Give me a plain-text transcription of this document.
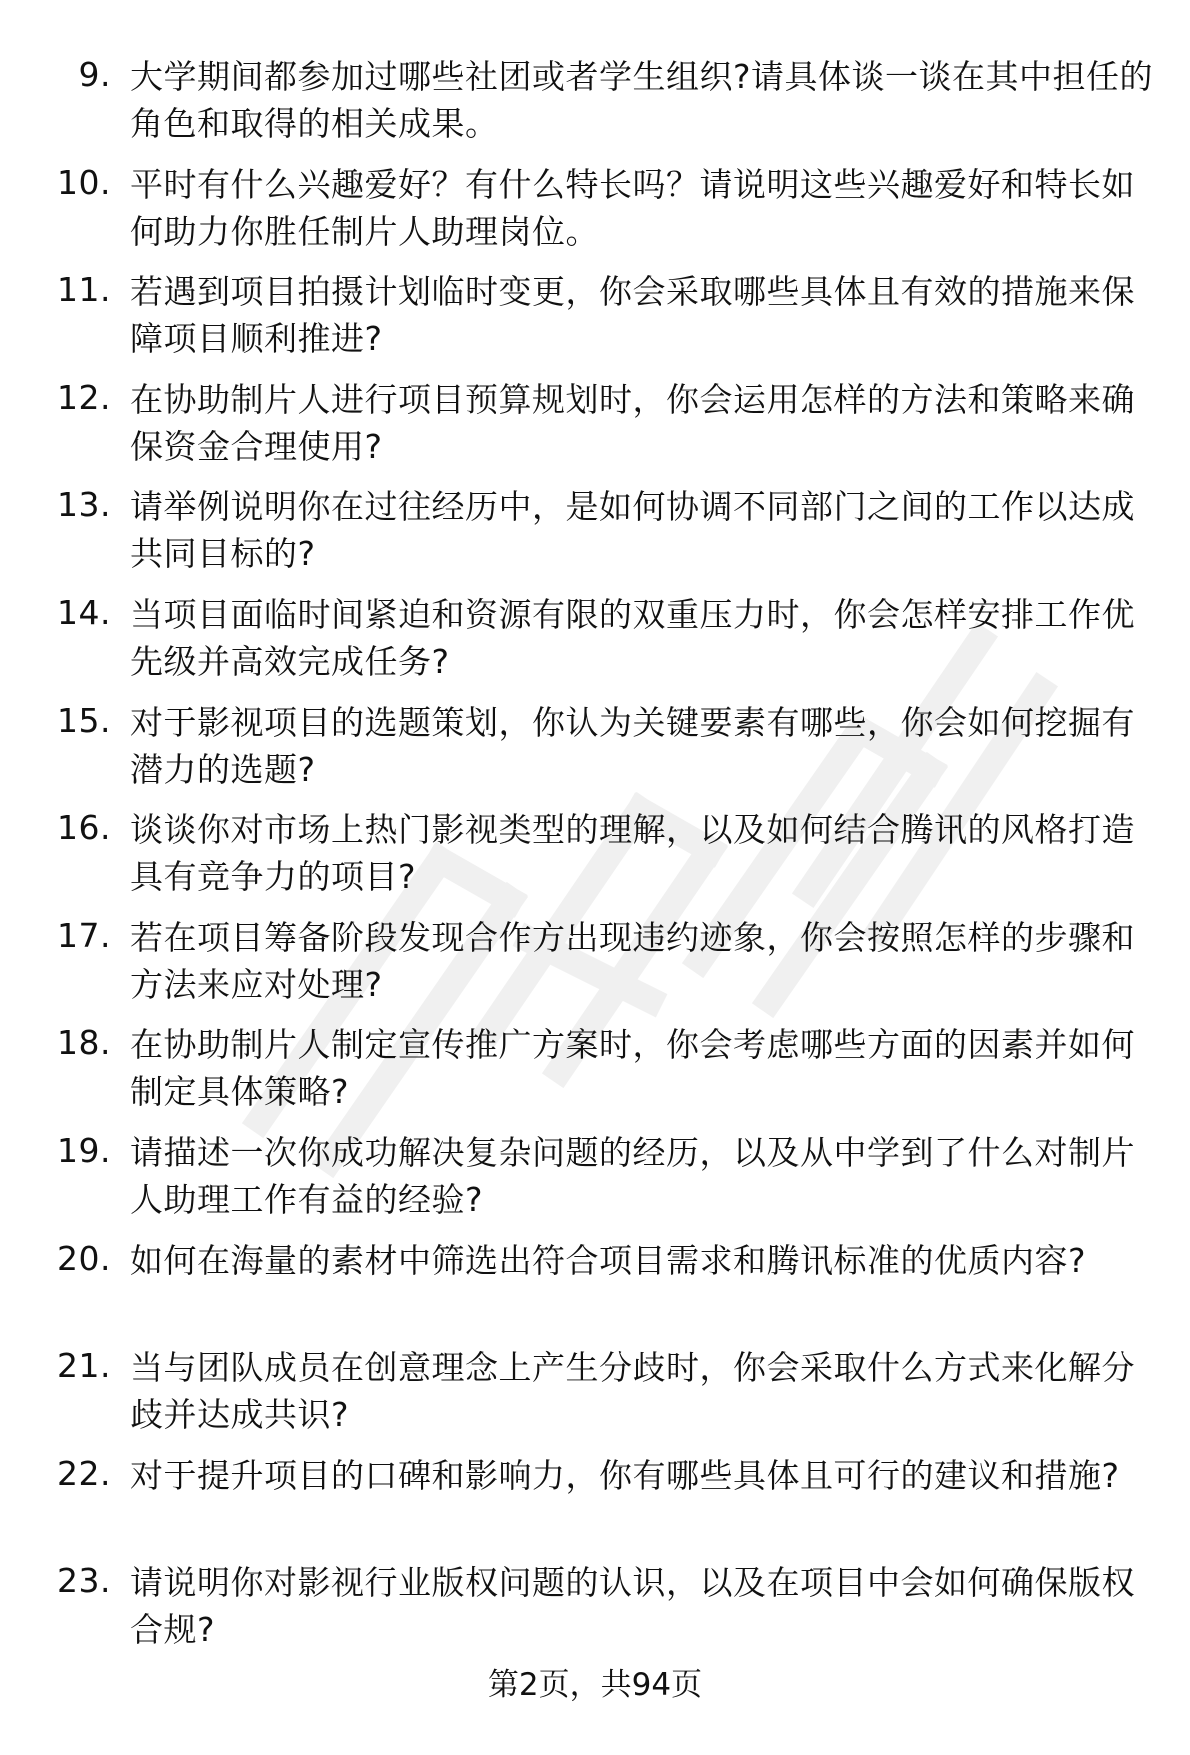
9. 大学期间都参加过哪些社团或者学生组织?请具体谈一谈在其中担任的角色和取得的相关成果。
10. 平时有什么兴趣爱好？有什么特长吗？请说明这些兴趣爱好和特长如何助力你胜任制片人助理岗位。
11. 若遇到项目拍摄计划临时变更，你会采取哪些具体且有效的措施来保障项目顺利推进?
12. 在协助制片人进行项目预算规划时，你会运用怎样的方法和策略来确保资金合理使用?
13. 请举例说明你在过往经历中，是如何协调不同部门之间的工作以达成共同目标的?
14. 当项目面临时间紧迫和资源有限的双重压力时，你会怎样安排工作优先级并高效完成任务?
15. 对于影视项目的选题策划，你认为关键要素有哪些，你会如何挖掘有潜力的选题?
16. 谈谈你对市场上热门影视类型的理解，以及如何结合腾讯的风格打造具有竞争力的项目?
17. 若在项目筹备阶段发现合作方出现违约迹象，你会按照怎样的步骤和方法来应对处理?
18. 在协助制片人制定宣传推广方案时，你会考虑哪些方面的因素并如何制定具体策略?
19. 请描述一次你成功解决复杂问题的经历，以及从中学到了什么对制片人助理工作有益的经验?
20. 如何在海量的素材中筛选出符合项目需求和腾讯标准的优质内容?
21. 当与团队成员在创意理念上产生分歧时，你会采取什么方式来化解分歧并达成共识?
22. 对于提升项目的口碑和影响力，你有哪些具体且可行的建议和措施?
23. 请说明你对影视行业版权问题的认识，以及在项目中会如何确保版权合规?
第2页，共94页
